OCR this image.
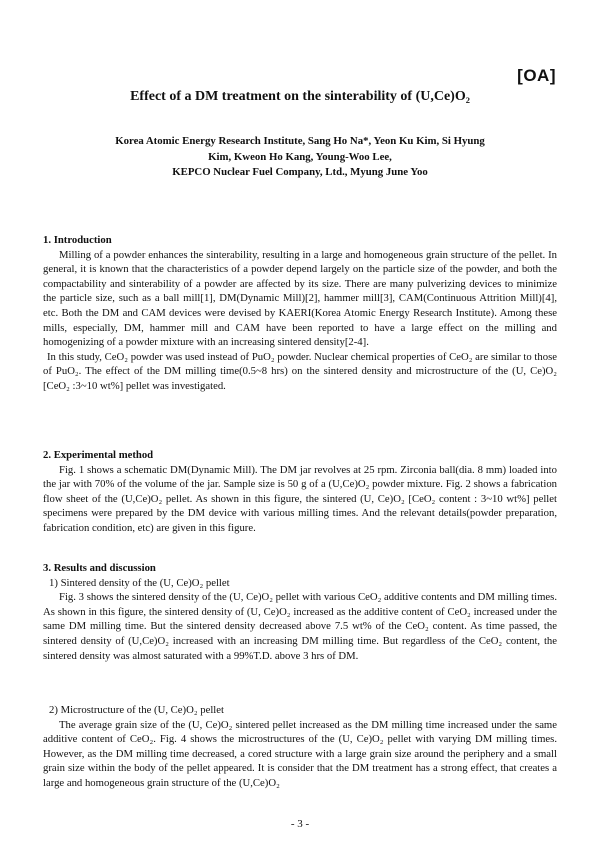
[OA]
Effect of a DM treatment on the sinterability of (U,Ce)O₂
Korea Atomic Energy Research Institute, Sang Ho Na*, Yeon Ku Kim, Si Hyung
Kim, Kweon Ho Kang, Young-Woo Lee,
KEPCO Nuclear Fuel Company, Ltd., Myung June Yoo
1. Introduction

Milling of a powder enhances the sinterability, resulting in a large and homogeneous grain structure of the pellet. In general, it is known that the characteristics of a powder depend largely on the particle size of the powder, and both the compactability and sinterability of a powder are affected by its size. There are many pulverizing devices to minimize the particle size, such as a ball mill[1], DM(Dynamic Mill)[2], hammer mill[3], CAM(Continuous Attrition Mill)[4], etc. Both the DM and CAM devices were devised by KAERI(Korea Atomic Energy Research Institute). Among these mills, especially, DM, hammer mill and CAM have been reported to have a large effect on the milling and homogenizing of a powder mixture with an increasing sintered density[2-4].

In this study, CeO₂ powder was used instead of PuO₂ powder. Nuclear chemical properties of CeO₂ are similar to those of PuO₂. The effect of the DM milling time(0.5~8 hrs) on the sintered density and microstructure of the (U, Ce)O₂ [CeO₂ :3~10 wt%] pellet was investigated.

2. Experimental method

Fig. 1 shows a schematic DM(Dynamic Mill). The DM jar revolves at 25 rpm. Zirconia ball(dia. 8 mm) loaded into the jar with 70% of the volume of the jar. Sample size is 50 g of a (U,Ce)O₂ powder mixture. Fig. 2 shows a fabrication flow sheet of the (U,Ce)O₂ pellet. As shown in this figure, the sintered (U, Ce)O₂ [CeO₂ content : 3~10 wt%] pellet specimens were prepared by the DM device with various milling times. And the relevant details(powder preparation, fabrication condition, etc) are given in this figure.

3. Results and discussion
1) Sintered density of the (U, Ce)O₂ pellet

Fig. 3 shows the sintered density of the (U, Ce)O₂ pellet with various CeO₂ additive contents and DM milling times. As shown in this figure, the sintered density of (U, Ce)O₂ increased as the additive content of CeO₂ increased under the same DM milling time. But the sintered density decreased above 7.5 wt% of the CeO₂ content. As time passed, the sintered density of (U,Ce)O₂ increased with an increasing DM milling time. But regardless of the CeO₂ content, the sintered density was almost saturated with a 99%T.D. above 3 hrs of DM.

2) Microstructure of the (U, Ce)O₂ pellet

The average grain size of the (U, Ce)O₂ sintered pellet increased as the DM milling time increased under the same additive content of CeO₂. Fig. 4 shows the microstructures of the (U, Ce)O₂ pellet with varying DM milling times. However, as the DM milling time decreased, a cored structure with a large grain size around the periphery and a small grain size within the body of the pellet appeared. It is consider that the DM treatment has a strong effect, that creates a large and homogeneous grain structure of the (U,Ce)O₂

- 3 -
